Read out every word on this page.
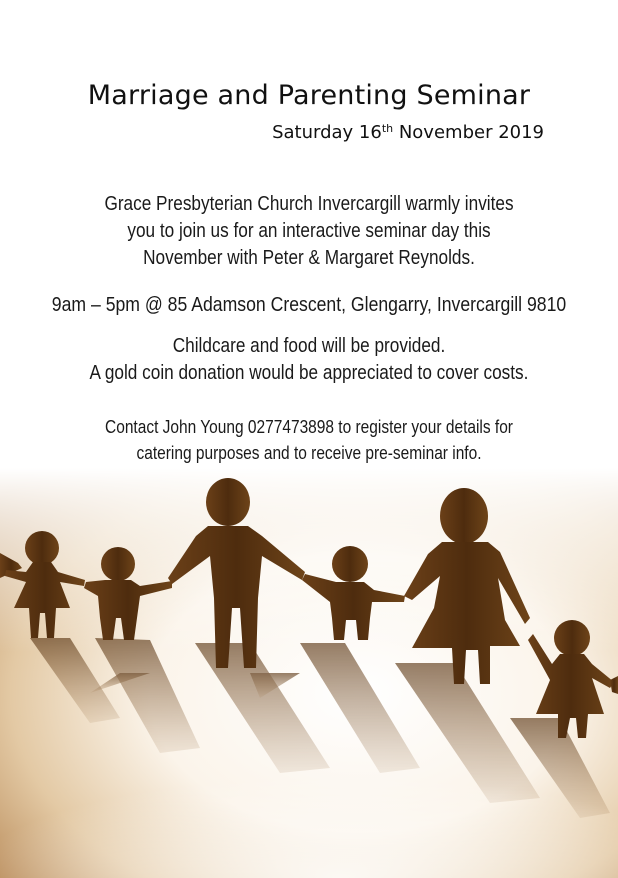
Marriage and Parenting Seminar
Saturday 16th November 2019
Grace Presbyterian Church Invercargill warmly invites
you to join us for an interactive seminar day this
November with Peter & Margaret Reynolds.
9am – 5pm @ 85 Adamson Crescent, Glengarry, Invercargill 9810
Childcare and food will be provided.
A gold coin donation would be appreciated to cover costs.
Contact John Young 0277473898 to register your details for
catering purposes and to receive pre-seminar info.
